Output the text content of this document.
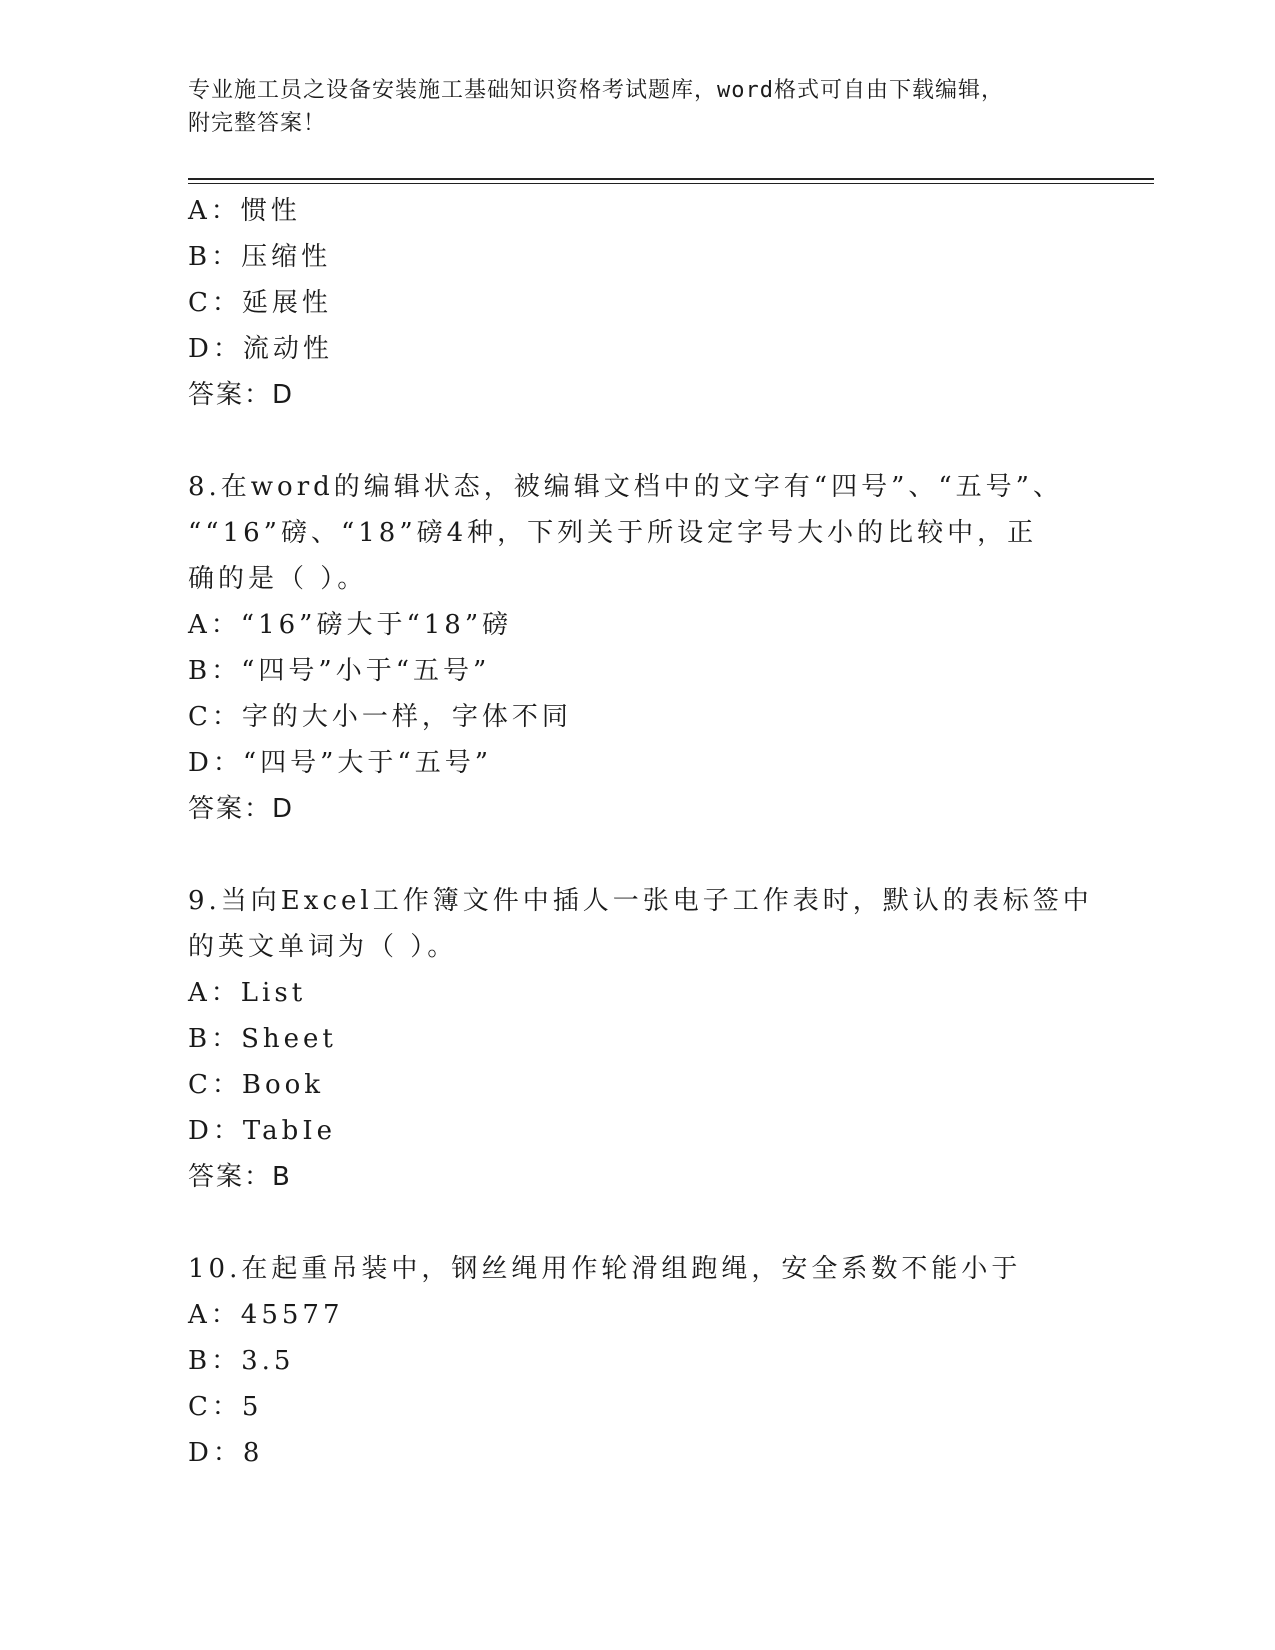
专业施工员之设备安装施工基础知识资格考试题库，word格式可自由下载编辑，
附完整答案！
A：惯性
B：压缩性
C：延展性
D：流动性
答案：D
8.在word的编辑状态，被编辑文档中的文字有“四号”、“五号”、
““16”磅、“18”磅4种，下列关于所设定字号大小的比较中，正
确的是（ ）。
A：“16”磅大于“18”磅
B：“四号”小于“五号”
C：字的大小一样，字体不同
D：“四号”大于“五号”
答案：D
9.当向Excel工作簿文件中插人一张电子工作表时，默认的表标签中
的英文单词为（ ）。
A：List
B：Sheet
C：Book
D：TabIe
答案：B
10.在起重吊装中，钢丝绳用作轮滑组跑绳，安全系数不能小于
A：45577
B：3.5
C：5
D：8
